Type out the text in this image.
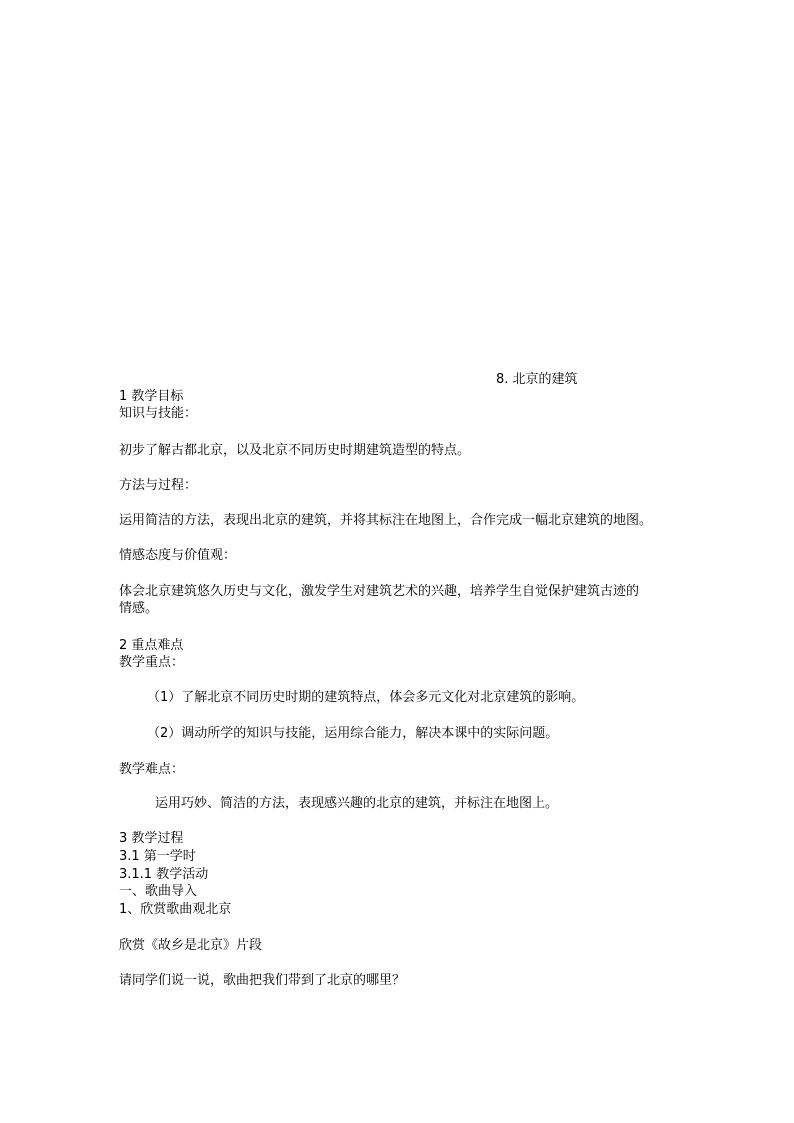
8. 北京的建筑
1 教学目标
知识与技能：
初步了解古都北京，以及北京不同历史时期建筑造型的特点。
方法与过程：
运用简洁的方法，表现出北京的建筑，并将其标注在地图上，合作完成一幅北京建筑的地图。
情感态度与价值观：
体会北京建筑悠久历史与文化，激发学生对建筑艺术的兴趣，培养学生自觉保护建筑古迹的
情感。
2 重点难点
教学重点：
（1）了解北京不同历史时期的建筑特点，体会多元文化对北京建筑的影响。
（2）调动所学的知识与技能，运用综合能力，解决本课中的实际问题。
教学难点：
运用巧妙、简洁的方法，表现感兴趣的北京的建筑，并标注在地图上。
3 教学过程
3.1 第一学时
3.1.1 教学活动
一、歌曲导入
1、欣赏歌曲观北京
欣赏《故乡是北京》片段
请同学们说一说，歌曲把我们带到了北京的哪里？
